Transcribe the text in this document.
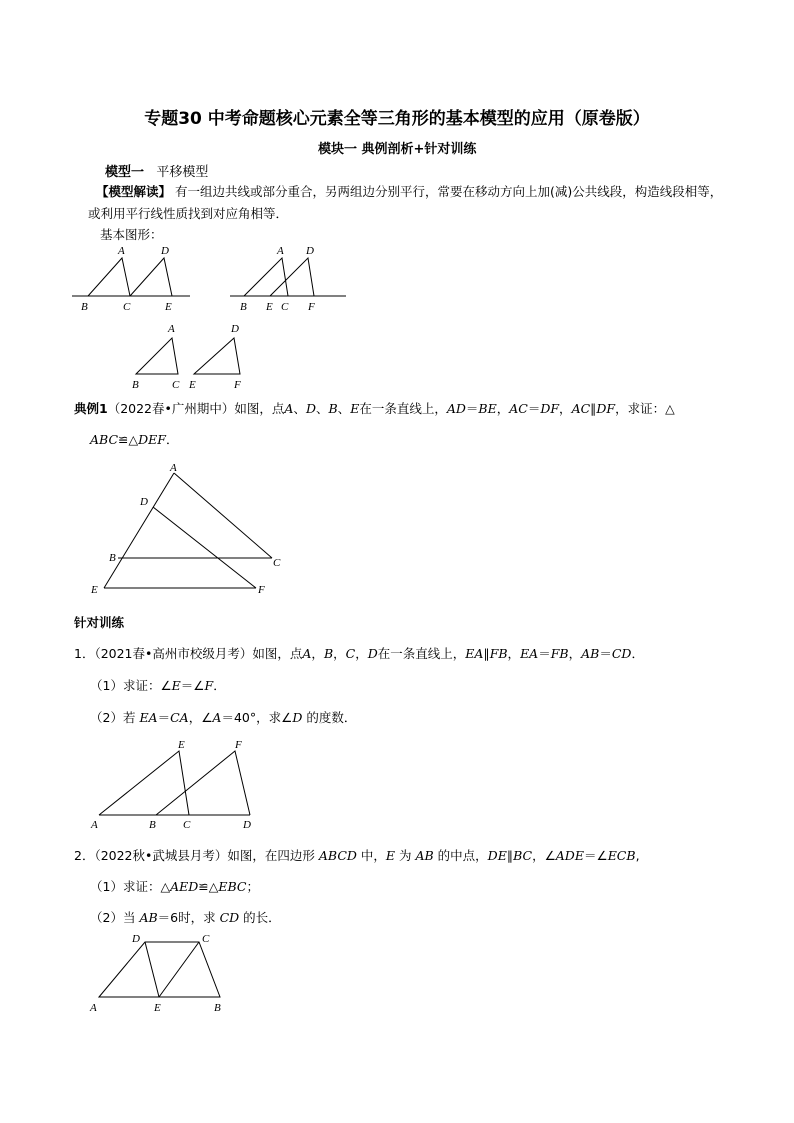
专题30 中考命题核心元素全等三角形的基本模型的应用（原卷版）
模块一 典例剖析+针对训练
模型一 平移模型
【模型解读】 有一组边共线或部分重合，另两组边分别平行，常要在移动方向上加(减)公共线段，构造线段相等，或利用平行线性质找到对应角相等．
基本图形：
A	D
B	C	E
A D
B E C F
A	D
B	C E	F
典例1（2022春•广州期中）如图，点A、D、B、E在一条直线上，AD＝BE，AC＝DF，AC∥DF，求证：△
ABC≌△DEF．
A
D
B	C
E	F
针对训练
1．（2021春•高州市校级月考）如图，点A，B，C，D在一条直线上，EA∥FB，EA＝FB，AB＝CD．
（1）求证：∠E＝∠F．
（2）若 EA＝CA，∠A＝40°，求∠D 的度数．
E	F
A	B C	D
2．（2022秋•武城县月考）如图，在四边形 ABCD 中，E 为 AB 的中点，DE∥BC，∠ADE＝∠ECB,
（1）求证：△AED≌△EBC；
（2）当 AB＝6时，求 CD 的长．
D	C
A	E	B
